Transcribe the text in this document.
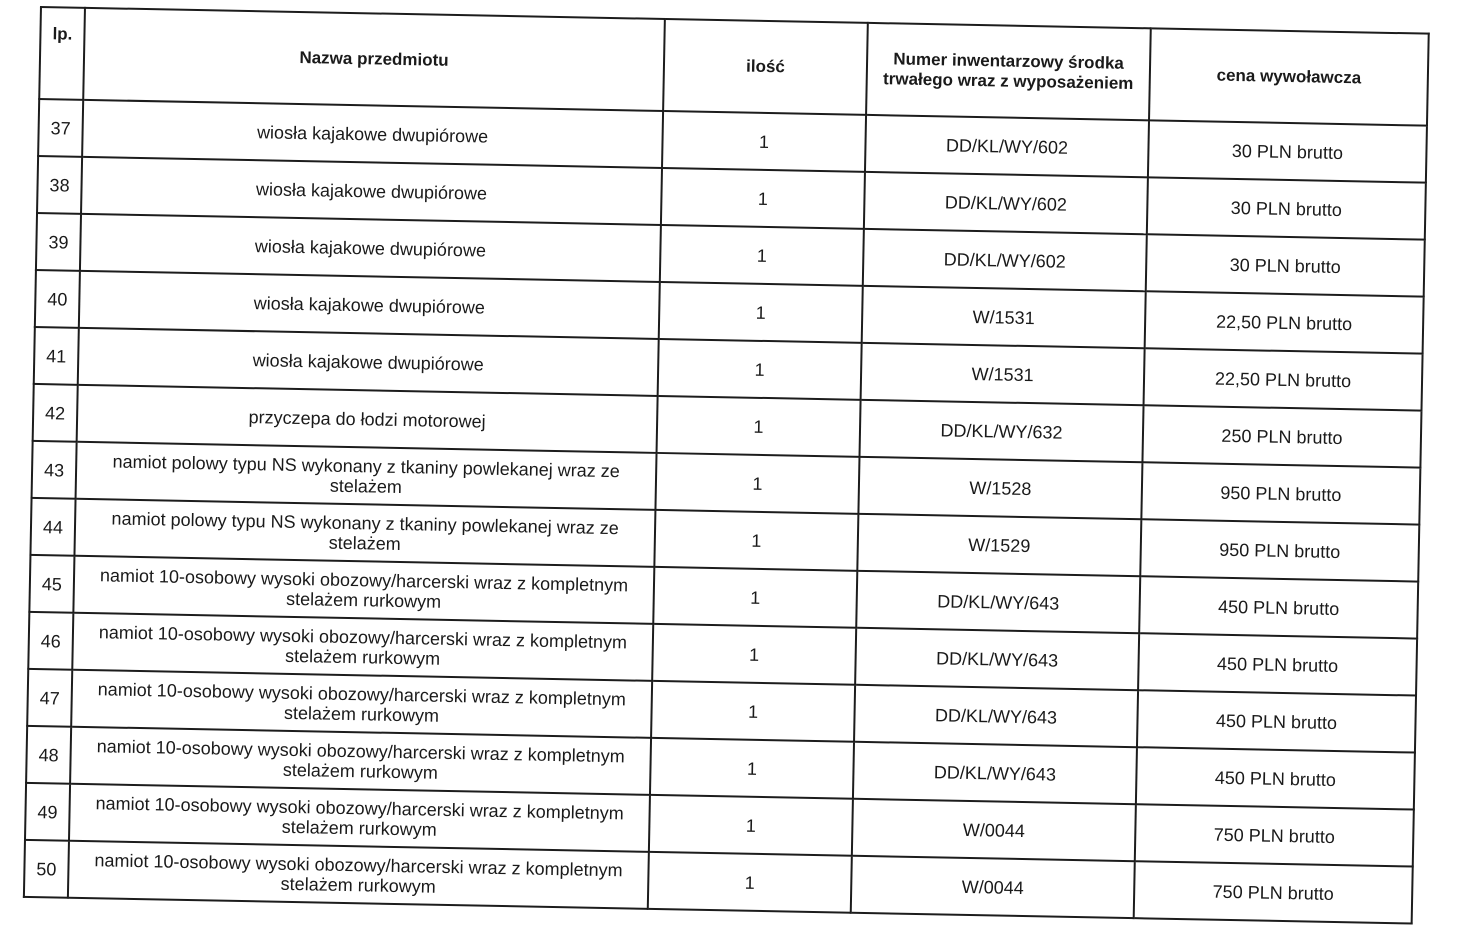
lp.	Nazwa przedmiotu	ilość	Numer inwentarzowy środka trwałego wraz z wyposażeniem	cena wywoławcza
37	wiosła kajakowe dwupiórowe	1	DD/KL/WY/602	30 PLN brutto
38	wiosła kajakowe dwupiórowe	1	DD/KL/WY/602	30 PLN brutto
39	wiosła kajakowe dwupiórowe	1	DD/KL/WY/602	30 PLN brutto
40	wiosła kajakowe dwupiórowe	1	W/1531	22,50 PLN brutto
41	wiosła kajakowe dwupiórowe	1	W/1531	22,50 PLN brutto
42	przyczepa do łodzi motorowej	1	DD/KL/WY/632	250 PLN brutto
43	namiot polowy typu NS wykonany z tkaniny powlekanej wraz ze stelażem	1	W/1528	950 PLN brutto
44	namiot polowy typu NS wykonany z tkaniny powlekanej wraz ze stelażem	1	W/1529	950 PLN brutto
45	namiot 10-osobowy wysoki obozowy/harcerski wraz z kompletnym stelażem rurkowym	1	DD/KL/WY/643	450 PLN brutto
46	namiot 10-osobowy wysoki obozowy/harcerski wraz z kompletnym stelażem rurkowym	1	DD/KL/WY/643	450 PLN brutto
47	namiot 10-osobowy wysoki obozowy/harcerski wraz z kompletnym stelażem rurkowym	1	DD/KL/WY/643	450 PLN brutto
48	namiot 10-osobowy wysoki obozowy/harcerski wraz z kompletnym stelażem rurkowym	1	DD/KL/WY/643	450 PLN brutto
49	namiot 10-osobowy wysoki obozowy/harcerski wraz z kompletnym stelażem rurkowym	1	W/0044	750 PLN brutto
50	namiot 10-osobowy wysoki obozowy/harcerski wraz z kompletnym stelażem rurkowym	1	W/0044	750 PLN brutto
